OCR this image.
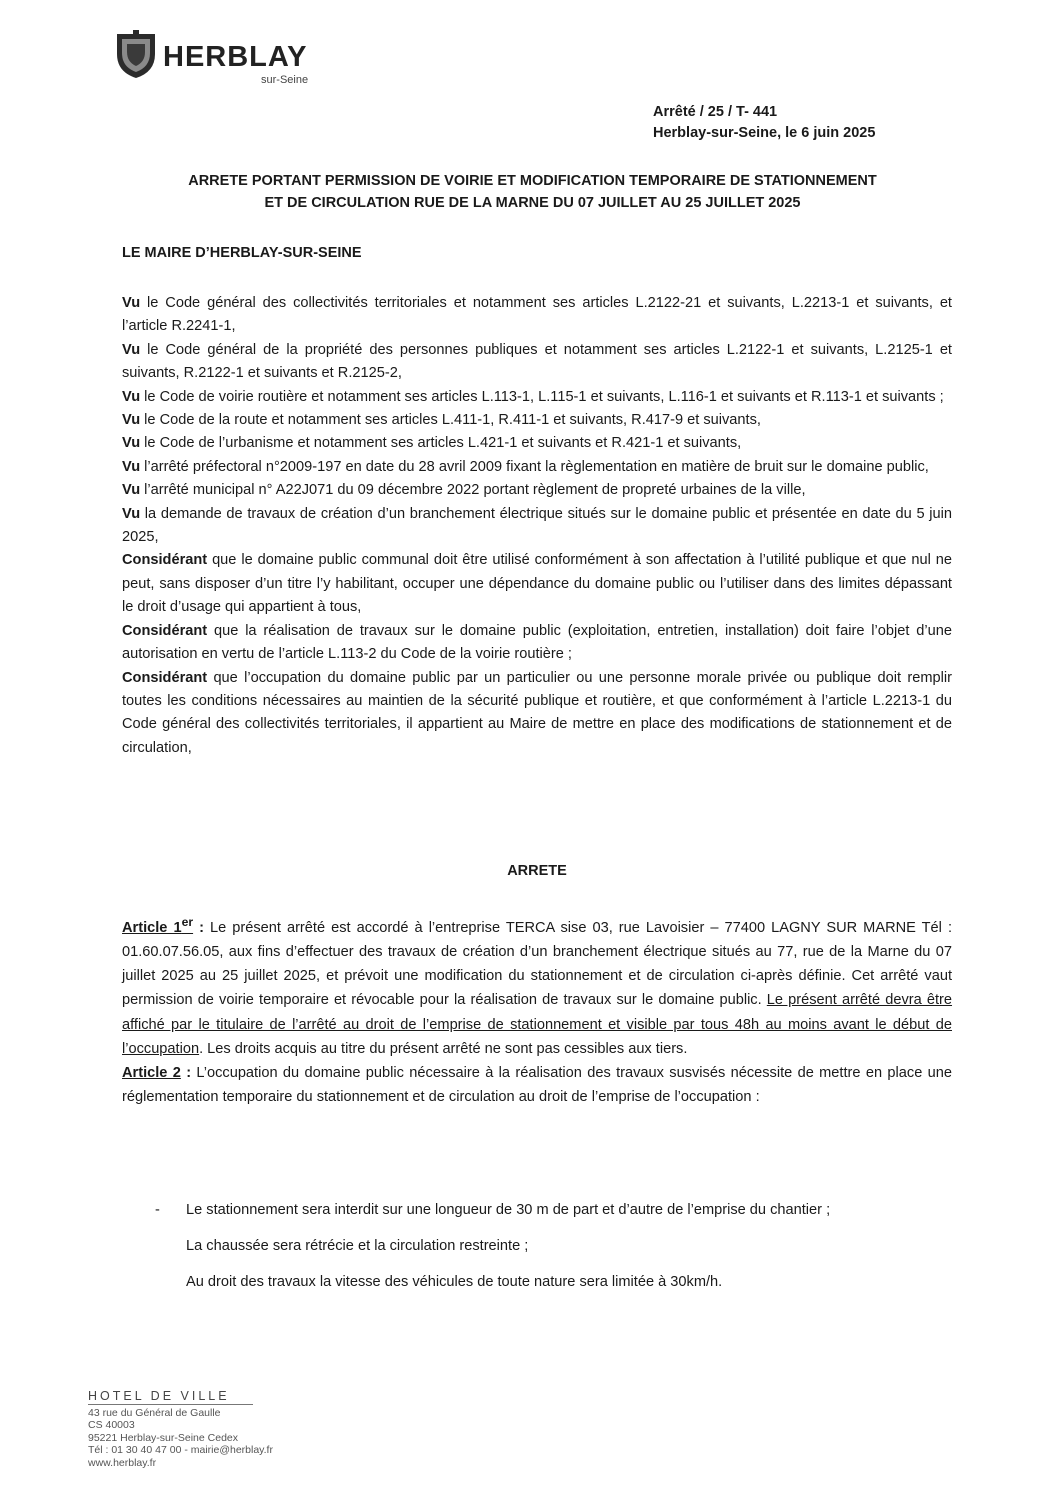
HERBLAY
sur-Seine
Arrêté / 25 / T- 441
Herblay-sur-Seine, le 6 juin 2025
ARRETE PORTANT PERMISSION DE VOIRIE ET MODIFICATION TEMPORAIRE DE STATIONNEMENT
ET DE CIRCULATION RUE DE LA MARNE DU 07 JUILLET AU 25 JUILLET 2025
LE MAIRE D’HERBLAY-SUR-SEINE

Vu le Code général des collectivités territoriales et notamment ses articles L.2122-21 et suivants, L.2213-1 et suivants, et l’article R.2241-1,

Vu le Code général de la propriété des personnes publiques et notamment ses articles L.2122-1 et suivants, L.2125-1 et suivants, R.2122-1 et suivants et R.2125-2,

Vu le Code de voirie routière et notamment ses articles L.113-1, L.115-1 et suivants, L.116-1 et suivants et R.113-1 et suivants ;

Vu le Code de la route et notamment ses articles L.411-1, R.411-1 et suivants, R.417-9 et suivants,

Vu le Code de l’urbanisme et notamment ses articles L.421-1 et suivants et R.421-1 et suivants,

Vu l’arrêté préfectoral n°2009-197 en date du 28 avril 2009 fixant la règlementation en matière de bruit sur le domaine public,

Vu l’arrêté municipal n° A22J071 du 09 décembre 2022 portant règlement de propreté urbaines de la ville,

Vu la demande de travaux de création d’un branchement électrique situés sur le domaine public et présentée en date du 5 juin 2025,

Considérant que le domaine public communal doit être utilisé conformément à son affectation à l’utilité publique et que nul ne peut, sans disposer d’un titre l’y habilitant, occuper une dépendance du domaine public ou l’utiliser dans des limites dépassant le droit d’usage qui appartient à tous,

Considérant que la réalisation de travaux sur le domaine public (exploitation, entretien, installation) doit faire l’objet d’une autorisation en vertu de l’article L.113-2 du Code de la voirie routière ;

Considérant que l’occupation du domaine public par un particulier ou une personne morale privée ou publique doit remplir toutes les conditions nécessaires au maintien de la sécurité publique et routière, et que conformément à l’article L.2213-1 du Code général des collectivités territoriales, il appartient au Maire de mettre en place des modifications de stationnement et de circulation,

ARRETE

Article 1er : Le présent arrêté est accordé à l’entreprise TERCA sise 03, rue Lavoisier – 77400 LAGNY SUR MARNE Tél : 01.60.07.56.05, aux fins d’effectuer des travaux de création d’un branchement électrique situés au 77, rue de la Marne du 07 juillet 2025 au 25 juillet 2025, et prévoit une modification du stationnement et de circulation ci-après définie. Cet arrêté vaut permission de voirie temporaire et révocable pour la réalisation de travaux sur le domaine public. Le présent arrêté devra être affiché par le titulaire de l’arrêté au droit de l’emprise de stationnement et visible par tous 48h au moins avant le début de l’occupation. Les droits acquis au titre du présent arrêté ne sont pas cessibles aux tiers.

Article 2 : L’occupation du domaine public nécessaire à la réalisation des travaux susvisés nécessite de mettre en place une réglementation temporaire du stationnement et de circulation au droit de l’emprise de l’occupation :

- Le stationnement sera interdit sur une longueur de 30 m de part et d’autre de l’emprise du chantier ;
La chaussée sera rétrécie et la circulation restreinte ;
Au droit des travaux la vitesse des véhicules de toute nature sera limitée à 30km/h.
HOTEL DE VILLE
43 rue du Général de Gaulle
CS 40003
95221 Herblay-sur-Seine Cedex
Tél : 01 30 40 47 00 - mairie@herblay.fr
www.herblay.fr
